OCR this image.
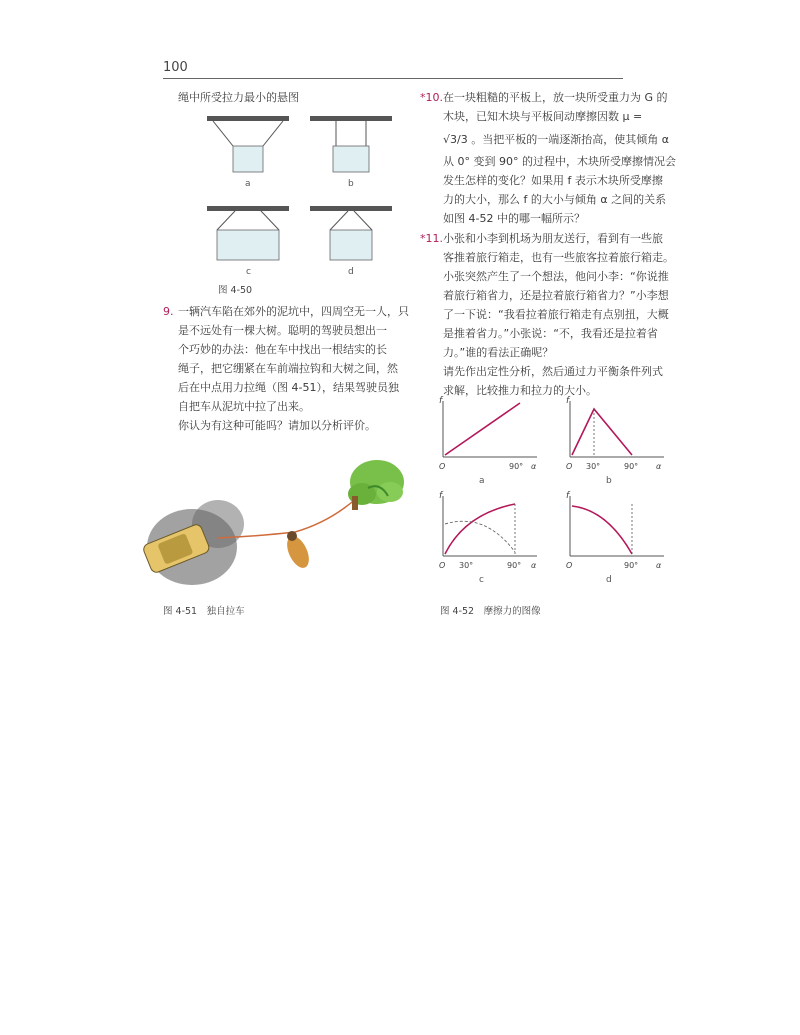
100
绳中所受拉力最小的悬图
a	b
c	d
图 4-50
9. 一辆汽车陷在郊外的泥坑中，四周空无一人，只
是不远处有一棵大树。聪明的驾驶员想出一
个巧妙的办法：他在车中找出一根结实的长
绳子，把它绷紧在车前端拉钩和大树之间，然
后在中点用力拉绳（图 4-51），结果驾驶员独
自把车从泥坑中拉了出来。
你认为有这种可能吗？请加以分析评价。
图 4-51　独自拉车
*10. 在一块粗糙的平板上，放一块所受重力为 G 的
木块，已知木块与平板间动摩擦因数 μ =
√3/3 。当把平板的一端逐渐抬高，使其倾角 α
从 0° 变到 90° 的过程中，木块所受摩擦情况会
发生怎样的变化？如果用 f 表示木块所受摩擦
力的大小，那么 f 的大小与倾角 α 之间的关系
如图 4-52 中的哪一幅所示？
*11. 小张和小李到机场为朋友送行，看到有一些旅
客推着旅行箱走，也有一些旅客拉着旅行箱走。
小张突然产生了一个想法，他问小李：“你说推
着旅行箱省力，还是拉着旅行箱省力？”小李想
了一下说：“我看拉着旅行箱走有点别扭，大概
是推着省力。”小张说：“不，我看还是拉着省
力。”谁的看法正确呢？
请先作出定性分析，然后通过力平衡条件列式
求解，比较推力和拉力的大小。
f
O	90° α
a
f
O 30°	90° α
b
f
O 30°	90° α
c
f
O	90° α
d
图 4-52　摩擦力的图像
